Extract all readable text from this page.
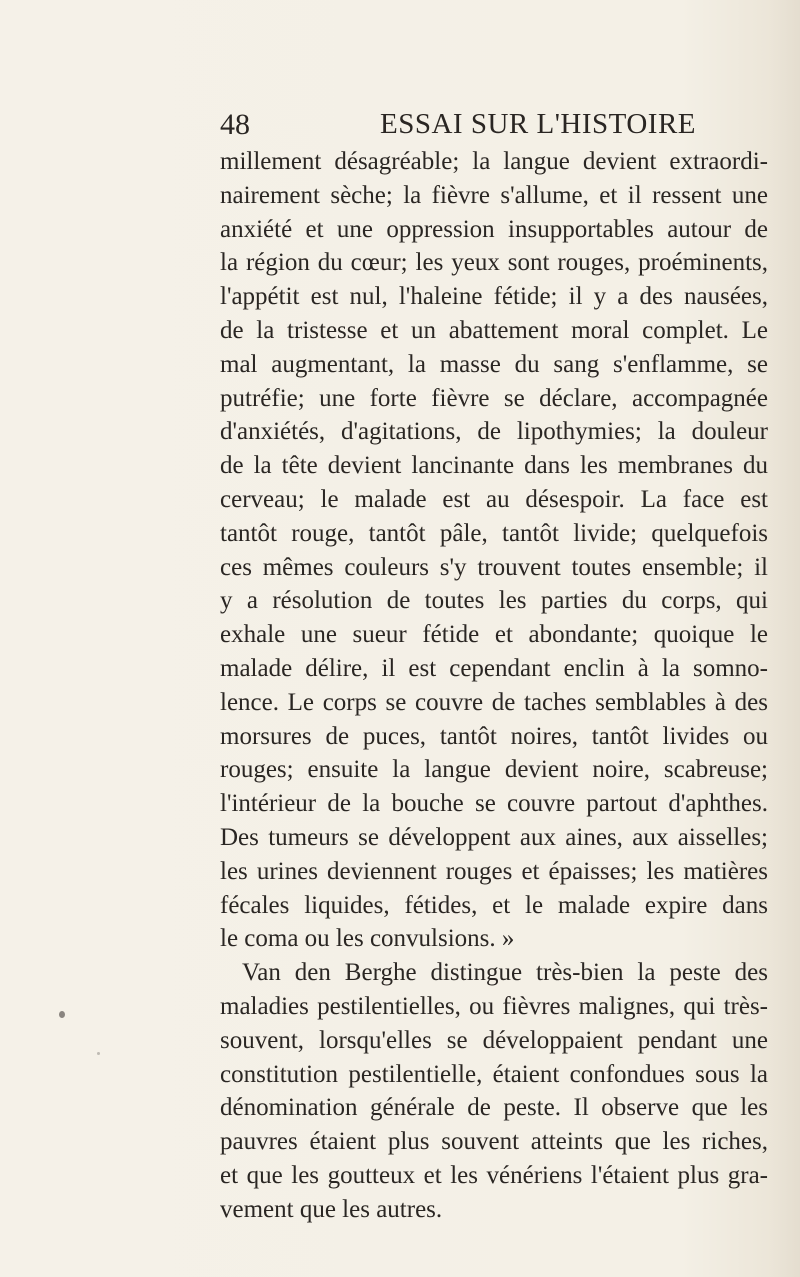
48	ESSAI SUR L'HISTOIRE
millement désagréable; la langue devient extraordi-
nairement sèche; la fièvre s'allume, et il ressent une
anxiété et une oppression insupportables autour de
la région du cœur; les yeux sont rouges, proéminents,
l'appétit est nul, l'haleine fétide; il y a des nausées,
de la tristesse et un abattement moral complet. Le
mal augmentant, la masse du sang s'enflamme, se
putréfie; une forte fièvre se déclare, accompagnée
d'anxiétés, d'agitations, de lipothymies; la douleur
de la tête devient lancinante dans les membranes du
cerveau; le malade est au désespoir. La face est
tantôt rouge, tantôt pâle, tantôt livide; quelquefois
ces mêmes couleurs s'y trouvent toutes ensemble; il
y a résolution de toutes les parties du corps, qui
exhale une sueur fétide et abondante; quoique le
malade délire, il est cependant enclin à la somno-
lence. Le corps se couvre de taches semblables à des
morsures de puces, tantôt noires, tantôt livides ou
rouges; ensuite la langue devient noire, scabreuse;
l'intérieur de la bouche se couvre partout d'aphthes.
Des tumeurs se développent aux aines, aux aisselles;
les urines deviennent rouges et épaisses; les matières
fécales liquides, fétides, et le malade expire dans
le coma ou les convulsions. »
Van den Berghe distingue très-bien la peste des
maladies pestilentielles, ou fièvres malignes, qui très-
souvent, lorsqu'elles se développaient pendant une
constitution pestilentielle, étaient confondues sous la
dénomination générale de peste. Il observe que les
pauvres étaient plus souvent atteints que les riches,
et que les goutteux et les vénériens l'étaient plus gra-
vement que les autres.
